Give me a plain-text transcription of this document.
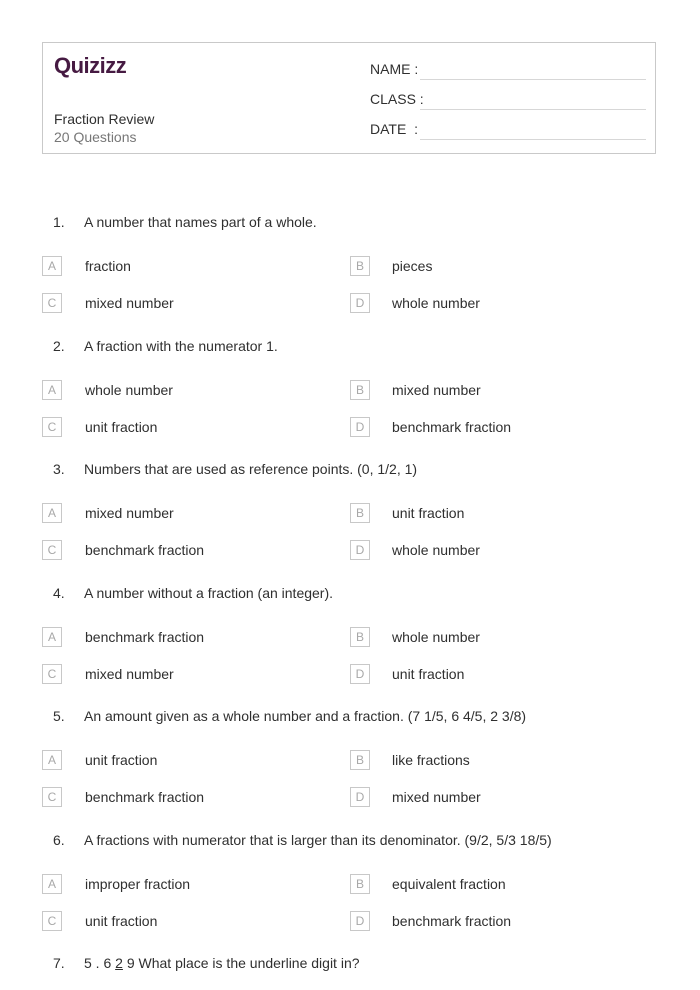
Quizizz
Fraction Review
20 Questions
NAME :
CLASS :
DATE  :
1. A number that names part of a whole.
A	fraction	B	pieces
C	mixed number	D	whole number
2. A fraction with the numerator 1.
A	whole number	B	mixed number
C	unit fraction	D	benchmark fraction
3. Numbers that are used as reference points. (0, 1/2, 1)
A	mixed number	B	unit fraction
C	benchmark fraction	D	whole number
4. A number without a fraction (an integer).
A	benchmark fraction	B	whole number
C	mixed number	D	unit fraction
5. An amount given as a whole number and a fraction. (7 1/5, 6 4/5, 2 3/8)
A	unit fraction	B	like fractions
C	benchmark fraction	D	mixed number
6. A fractions with numerator that is larger than its denominator. (9/2, 5/3 18/5)
A	improper fraction	B	equivalent fraction
C	unit fraction	D	benchmark fraction
7. 5 . 6 2 9 What place is the underline digit in?
